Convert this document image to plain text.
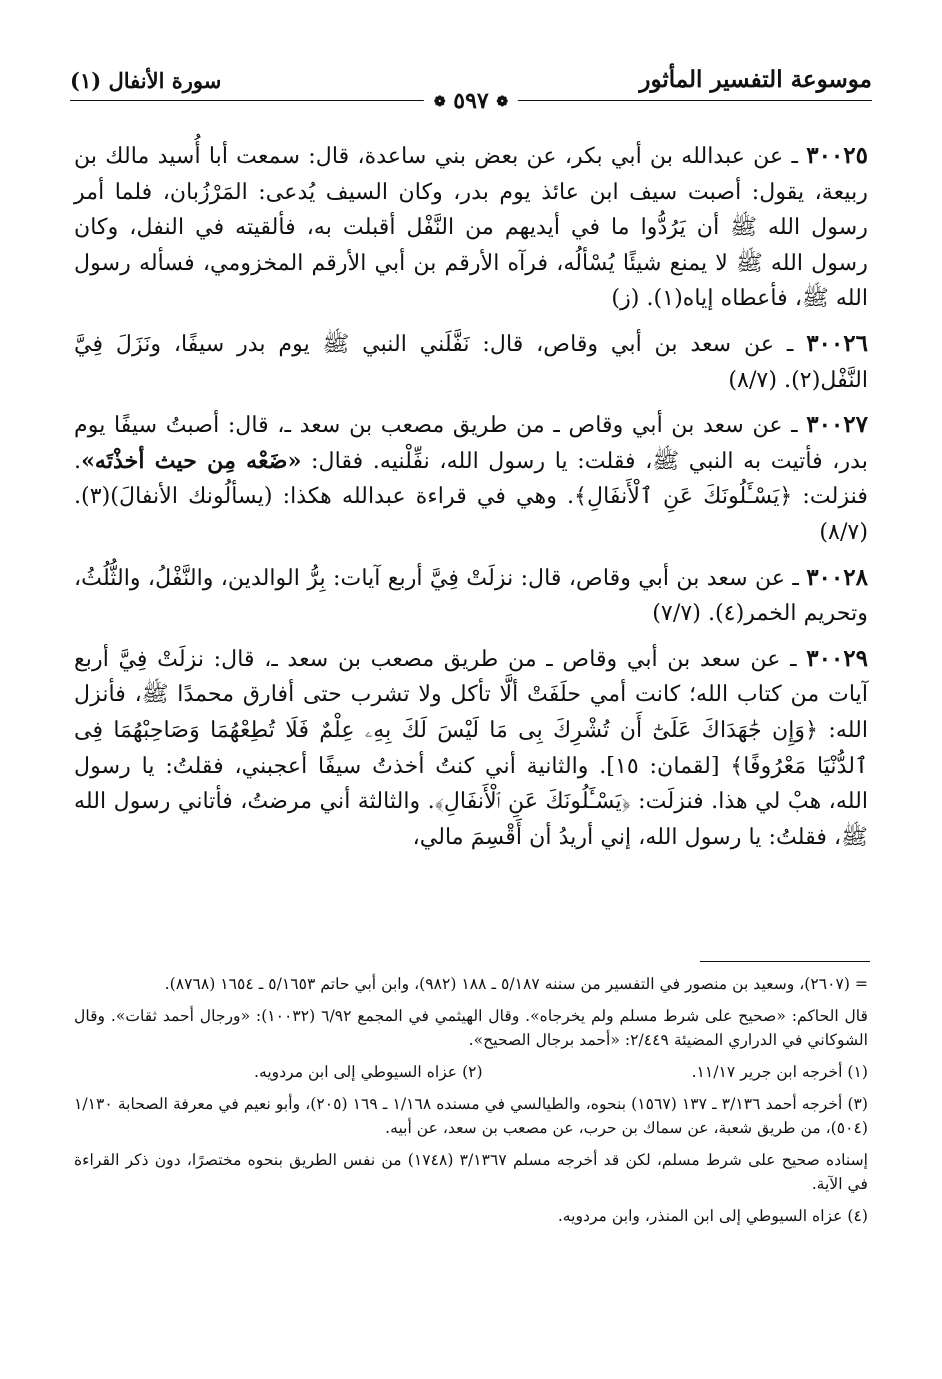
موسوعة التفسير المأثور
سورة الأنفال (١)
❁ ٥٩٧ ❁

٣٠٠٢٥ ـ عن عبدالله بن أبي بكر، عن بعض بني ساعدة، قال: سمعت أبا أُسيد مالك بن ربيعة، يقول: أصبت سيف ابن عائذ يوم بدر، وكان السيف يُدعى: المَرْزُبان، فلما أمر رسول الله ﷺ أن يَرُدُّوا ما في أيديهم من النَّفْل أقبلت به، فألقيته في النفل، وكان رسول الله ﷺ لا يمنع شيئًا يُسْألُه، فرآه الأرقم بن أبي الأرقم المخزومي، فسأله رسول الله ﷺ، فأعطاه إياه(١). (ز)

٣٠٠٢٦ ـ عن سعد بن أبي وقاص، قال: نَفَّلَني النبي ﷺ يوم بدر سيفًا، ونَزَلَ فِيَّ النَّفْل(٢). (٨/٧)

٣٠٠٢٧ ـ عن سعد بن أبي وقاص ـ من طريق مصعب بن سعد ـ، قال: أصبتُ سيفًا يوم بدر، فأتيت به النبي ﷺ، فقلت: يا رسول الله، نفِّلْنيه. فقال: «ضَعْه مِن حيث أخذْتَه». فنزلت: ﴿يَسْـَٔلُونَكَ عَنِ ٱلْأَنفَالِ﴾. وهي في قراءة عبدالله هكذا: (يسألُونك الأنفالَ)(٣). (٨/٧)

٣٠٠٢٨ ـ عن سعد بن أبي وقاص، قال: نزلَتْ فِيَّ أربع آيات: بِرُّ الوالدين، والنَّفْلُ، والثُّلُثُ، وتحريم الخمر(٤). (٧/٧)

٣٠٠٢٩ ـ عن سعد بن أبي وقاص ـ من طريق مصعب بن سعد ـ، قال: نزلَتْ فِيَّ أربع آيات من كتاب الله؛ كانت أمي حلَفَتْ ألَّا تأكل ولا تشرب حتى أفارق محمدًا ﷺ، فأنزل الله: ﴿وَإِن جَٰهَدَاكَ عَلَىٰٓ أَن تُشْرِكَ بِى مَا لَيْسَ لَكَ بِهِۦ عِلْمٌ فَلَا تُطِعْهُمَا وَصَاحِبْهُمَا فِى ٱلدُّنْيَا مَعْرُوفًا﴾ [لقمان: ١٥]. والثانية أني كنتُ أخذتُ سيفًا أعجبني، فقلتُ: يا رسول الله، هبْ لي هذا. فنزلَت: ﴿يَسْـَٔلُونَكَ عَنِ ٱلْأَنفَالِ﴾. والثالثة أني مرضتُ، فأتاني رسول الله ﷺ، فقلتُ: يا رسول الله، إني أريدُ أن أَقْسِمَ مالي،

= (٢٦٠٧)، وسعيد بن منصور في التفسير من سننه ٥/١٨٧ ـ ١٨٨ (٩٨٢)، وابن أبي حاتم ٥/١٦٥٣ ـ ١٦٥٤ (٨٧٦٨).

قال الحاكم: «صحيح على شرط مسلم ولم يخرجاه». وقال الهيثمي في المجمع ٦/٩٢ (١٠٠٣٢): «ورجال أحمد ثقات». وقال الشوكاني في الدراري المضيئة ٢/٤٤٩: «أحمد برجال الصحيح».

(١) أخرجه ابن جرير ١١/١٧.
(٢) عزاه السيوطي إلى ابن مردويه.

(٣) أخرجه أحمد ٣/١٣٦ ـ ١٣٧ (١٥٦٧) بنحوه، والطيالسي في مسنده ١/١٦٨ ـ ١٦٩ (٢٠٥)، وأبو نعيم في معرفة الصحابة ١/١٣٠ (٥٠٤)، من طريق شعبة، عن سماك بن حرب، عن مصعب بن سعد، عن أبيه.

إسناده صحيح على شرط مسلم، لكن قد أخرجه مسلم ٣/١٣٦٧ (١٧٤٨) من نفس الطريق بنحوه مختصرًا، دون ذكر القراءة في الآية.

(٤) عزاه السيوطي إلى ابن المنذر، وابن مردويه.
